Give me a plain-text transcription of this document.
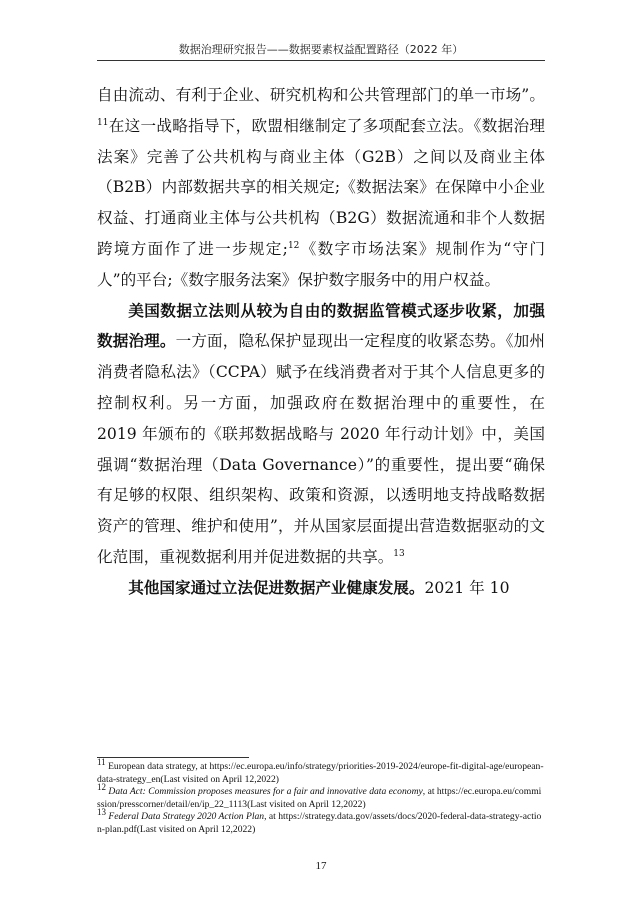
数据治理研究报告——数据要素权益配置路径（2022 年）

自由流动、有利于企业、研究机构和公共管理部门的单一市场”。$^{11}$在这一战略指导下，欧盟相继制定了多项配套立法。《数据治理法案》完善了公共机构与商业主体（G2B）之间以及商业主体（B2B）内部数据共享的相关规定;《数据法案》在保障中小企业权益、打通商业主体与公共机构（B2G）数据流通和非个人数据跨境方面作了进一步规定;$^{12}$《数字市场法案》规制作为“守门人”的平台;《数字服务法案》保护数字服务中的用户权益。

美国数据立法则从较为自由的数据监管模式逐步收紧，加强数据治理。一方面，隐私保护显现出一定程度的收紧态势。《加州消费者隐私法》（CCPA）赋予在线消费者对于其个人信息更多的控制权利。另一方面，加强政府在数据治理中的重要性，在 2019 年颁布的《联邦数据战略与 2020 年行动计划》中，美国强调“数据治理（Data Governance）”的重要性，提出要“确保有足够的权限、组织架构、政策和资源，以透明地支持战略数据资产的管理、维护和使用”，并从国家层面提出营造数据驱动的文化范围，重视数据利用并促进数据的共享。$^{13}$

其他国家通过立法促进数据产业健康发展。2021 年 10

$^{11}$ European data strategy, at https://ec.europa.eu/info/strategy/priorities-2019-2024/europe-fit-digital-age/european-data-strategy_en(Last visited on April 12,2022)

$^{12}$ Data Act: Commission proposes measures for a fair and innovative data economy, at https://ec.europa.eu/commission/presscorner/detail/en/ip_22_1113(Last visited on April 12,2022)

$^{13}$ Federal Data Strategy 2020 Action Plan, at https://strategy.data.gov/assets/docs/2020-federal-data-strategy-action-plan.pdf(Last visited on April 12,2022)

17
